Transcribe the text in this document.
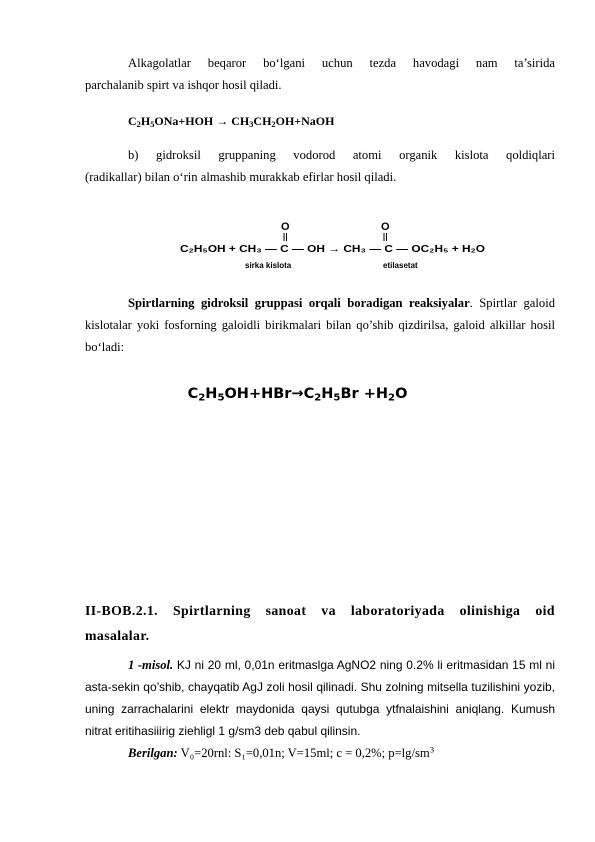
Alkagolatlar beqaror bo‘lgani uchun tezda havodagi nam ta’sirida
parchalanib spirt va ishqor hosil qiladi.
$C_2H_5ONa+HOH$ → $CH_3CH_2OH+NaOH$
b) gidroksil gruppaning vodorod atomi organik kislota qoldiqlari
(radikallar) bilan o‘rin almashib murakkab efirlar hosil qiladi.
O	O
C₂H₅OH + CH₃ — C — OH → CH₃ — C — OC₂H₅ + H₂O
sirka kislota	etilasetat
Spirtlarning gidroksil gruppasi orqali boradigan reaksiyalar. Spirtlar galoid kislotalar yoki fosforning galoidli birikmalari bilan qo’shib qizdirilsa, galoid alkillar hosil bo‘ladi:
$C_2H_5OH+HBr\to C_2H_5Br +H_2O$
II-BOB.2.1. Spirtlarning sanoat va laboratoriyada olinishiga oid
masalalar.
1 -misol. KJ ni 20 ml, 0,01n eritmaslga AgNO2 ning 0.2% li eritmasidan 15 ml ni asta-sekin qo’shib, chayqatib AgJ zoli hosil qilinadi. Shu zolning mitsella tuzilishini yozib, uning zarrachalarini elektr maydonida qaysi qutubga ytfnalaishini aniqlang. Kumush nitrat eritihasiiirig ziehligl 1 g/sm3 deb qabul qilinsin.
Berilgan: V₀=20rnl: S₁=0,01n; V=15ml; c = 0,2%; $p=\lg/sm^3$
